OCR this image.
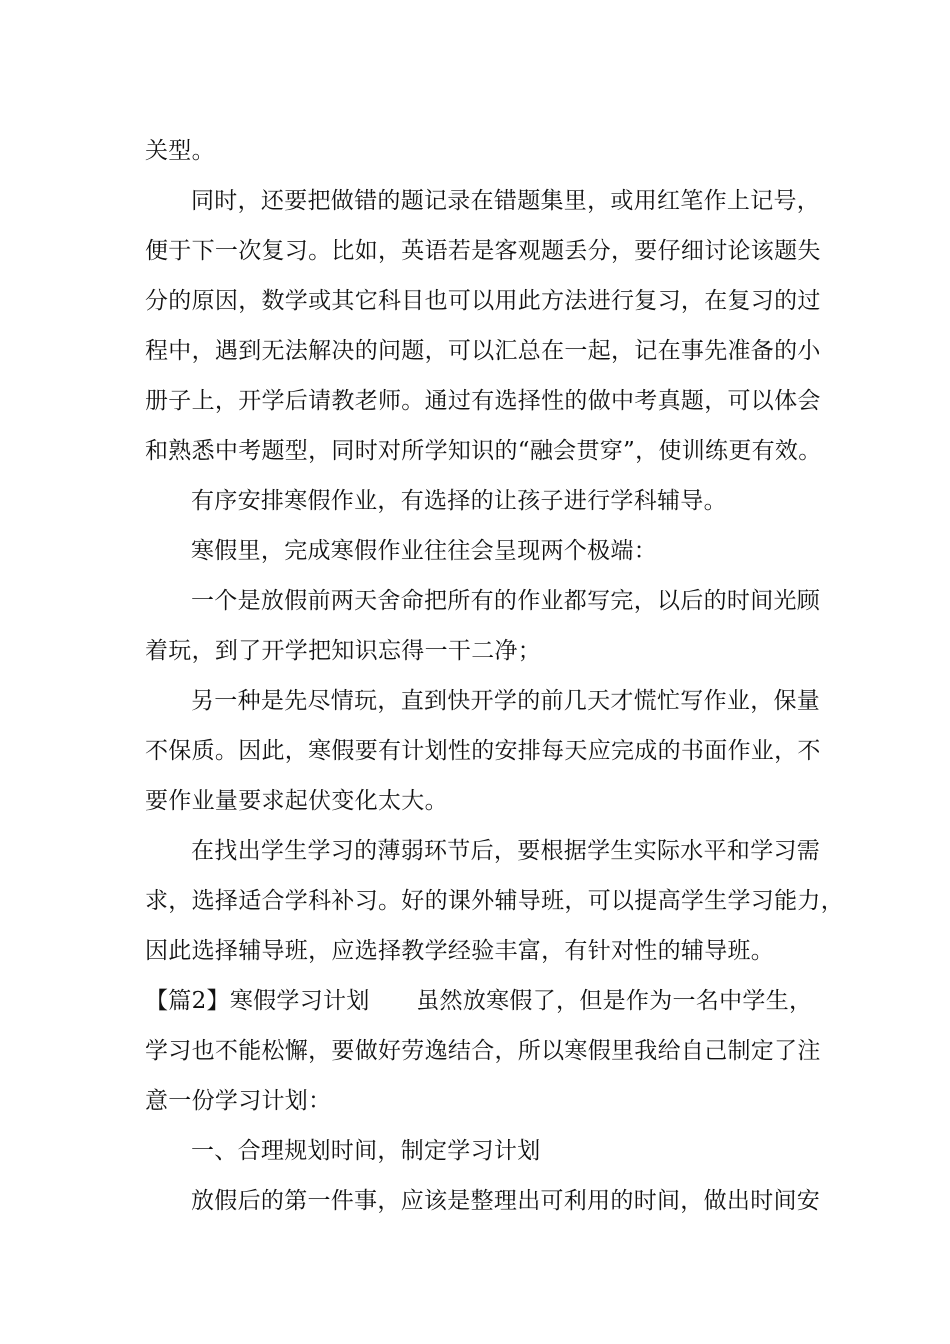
关型。
同时，还要把做错的题记录在错题集里，或用红笔作上记号，
便于下一次复习。比如，英语若是客观题丢分，要仔细讨论该题失
分的原因，数学或其它科目也可以用此方法进行复习，在复习的过
程中，遇到无法解决的问题，可以汇总在一起，记在事先准备的小
册子上，开学后请教老师。通过有选择性的做中考真题，可以体会
和熟悉中考题型，同时对所学知识的“融会贯穿”，使训练更有效。
有序安排寒假作业，有选择的让孩子进行学科辅导。
寒假里，完成寒假作业往往会呈现两个极端：
一个是放假前两天舍命把所有的作业都写完，以后的时间光顾
着玩，到了开学把知识忘得一干二净；
另一种是先尽情玩，直到快开学的前几天才慌忙写作业，保量
不保质。因此，寒假要有计划性的安排每天应完成的书面作业，不
要作业量要求起伏变化太大。
在找出学生学习的薄弱环节后，要根据学生实际水平和学习需
求，选择适合学科补习。好的课外辅导班，可以提高学生学习能力，
因此选择辅导班，应选择教学经验丰富，有针对性的辅导班。
【篇2】寒假学习计划　　虽然放寒假了，但是作为一名中学生，
学习也不能松懈，要做好劳逸结合，所以寒假里我给自己制定了注
意一份学习计划：
一、合理规划时间，制定学习计划
放假后的第一件事，应该是整理出可利用的时间，做出时间安
